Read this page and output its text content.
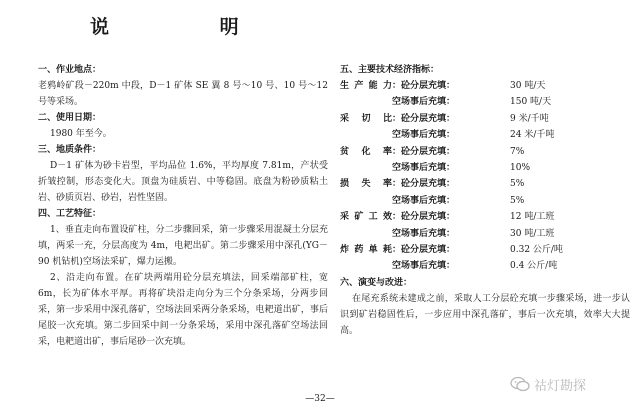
说 明
一、作业地点：
老鸦岭矿段－220m 中段，D－1 矿体 SE 翼 8 号～10 号、10 号～12 号等采场。
二、使用日期：
1980 年至今。
三、地质条件：
D－1 矿体为砂卡岩型，平均品位 1.6%，平均厚度 7.81m，产状受折皱控制，形态变化大。顶盘为硅质岩、中等稳固。底盘为粉砂质粘土岩、砂质页岩、砂岩，岩性坚固。
四、工艺特征：
1、垂直走向布置设矿柱，分二步骤回采，第一步骤采用混凝土分层充填，两采一充，分层高度为 4m，电耙出矿。第二步骤采用中深孔(YG－90 机钻机)空场法采矿，爆力运搬。
2、沿走向布置。在矿块两端用砼分层充填法，回采端部矿柱，宽 6m，长为矿体水平厚。再将矿块沿走向分为三个分条采场，分两步回采，第一步采用中深孔落矿，空场法回采两分条采场，电耙道出矿，事后尾胶一次充填。第二步回采中间一分条采场，采用中深孔落矿空场法回采，电耙道出矿，事后尾砂一次充填。
五、主要技术经济指标：
生产能力 ：砼分层充填：	30 吨/天
空场事后充填：	150 吨/天
采 切 比 ：砼分层充填：	9 米/千吨
空场事后充填：	24 米/千吨
贫 化 率 ：砼分层充填：	7%
空场事后充填：	10%
损 失 率 ：砼分层充填：	5%
空场事后充填：	5%
采矿工效 ：砼分层充填：	12 吨/工班
空场事后充填：	30 吨/工班
炸药单耗 ：砼分层充填：	0.32 公斤/吨
空场事后充填：	0.4 公斤/吨
六、演变与改进：
在尾充系统未建成之前，采取人工分层砼充填一步骤采场，进一步认识到矿岩稳固性后，一步应用中深孔落矿，事后一次充填，效率大大提高。
祜灯勘探
—32—
